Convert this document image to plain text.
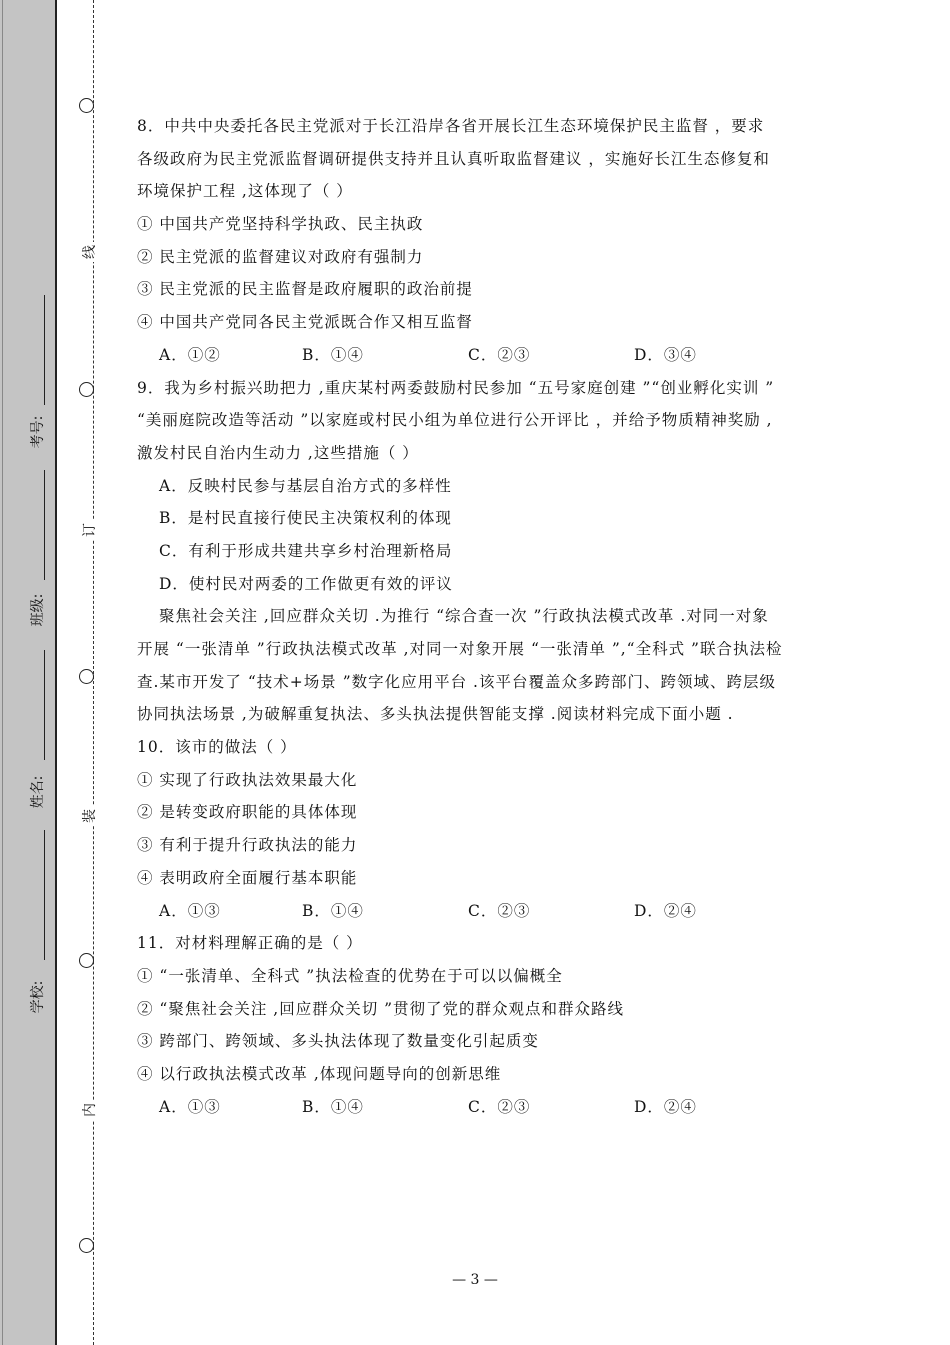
考号:
班级:
姓名:
学校:
线
订
装
内
8．中共中央委托各民主党派对于长江沿岸各省开展长江生态环境保护民主监督 ，要求
各级政府为民主党派监督调研提供支持并且认真听取监督建议 ，实施好长江生态修复和
环境保护工程 ,这体现了（ ）
① 中国共产党坚持科学执政、民主执政
② 民主党派的监督建议对政府有强制力
③ 民主党派的民主监督是政府履职的政治前提
④ 中国共产党同各民主党派既合作又相互监督
A．①②	B．①④	C．②③	D．③④
9．我为乡村振兴助把力 ,重庆某村两委鼓励村民参加 “五号家庭创建 ”“创业孵化实训 ”
“美丽庭院改造等活动 ”以家庭或村民小组为单位进行公开评比 ，并给予物质精神奖励 ,
激发村民自治内生动力 ,这些措施（ ）
A．反映村民参与基层自治方式的多样性
B．是村民直接行使民主决策权利的体现
C．有利于形成共建共享乡村治理新格局
D．使村民对两委的工作做更有效的评议
聚焦社会关注 ,回应群众关切 .为推行 “综合查一次 ”行政执法模式改革 .对同一对象
开展 “一张清单 ”行政执法模式改革 ,对同一对象开展 “一张清单 ”,“全科式 ”联合执法检
查.某市开发了 “技术+场景 ”数字化应用平台 .该平台覆盖众多跨部门、跨领域、跨层级
协同执法场景 ,为破解重复执法、多头执法提供智能支撑 .阅读材料完成下面小题 .
10．该市的做法（ ）
① 实现了行政执法效果最大化
② 是转变政府职能的具体体现
③ 有利于提升行政执法的能力
④ 表明政府全面履行基本职能
A．①③	B．①④	C．②③	D．②④
11．对材料理解正确的是（ ）
① “一张清单、全科式 ”执法检查的优势在于可以以偏概全
② “聚焦社会关注 ,回应群众关切 ”贯彻了党的群众观点和群众路线
③ 跨部门、跨领域、多头执法体现了数量变化引起质变
④ 以行政执法模式改革 ,体现问题导向的创新思维
A．①③	B．①④	C．②③	D．②④
— 3 —
